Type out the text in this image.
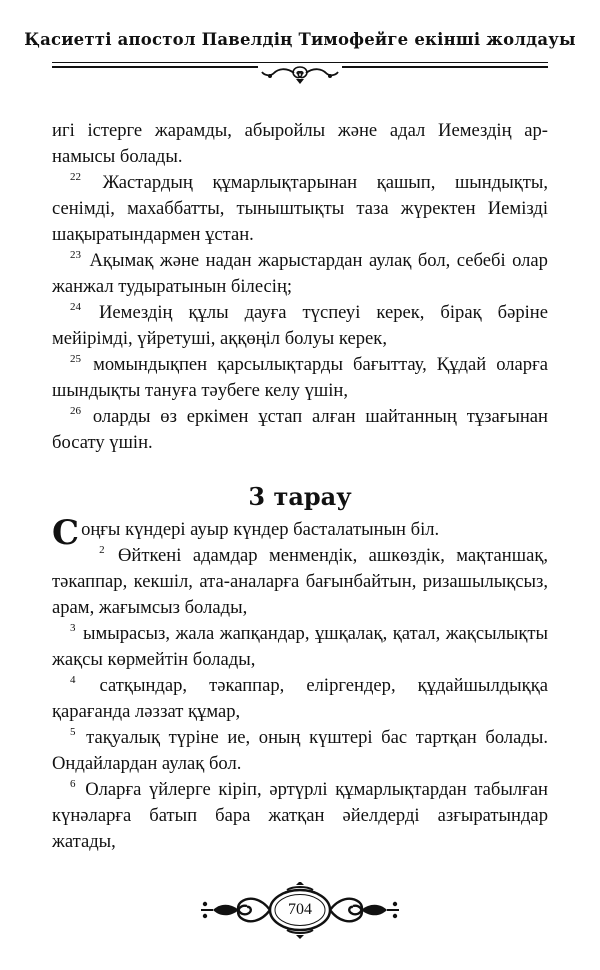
Қасиетті апостол Павелдің Тимофейге екінші жолдауы

игі істерге жарамды, абыройлы және адал Иемездің ар-намысы болады.

$^{22}$ Жастардың құмарлықтарынан қашып, шындықты, сенімді, махаббатты, тыныштықты таза жүректен Иемізді шақыратындармен ұстан.

$^{23}$ Ақымақ және надан жарыстардан аулақ бол, себебі олар жанжал тудыратынын білесің;

$^{24}$ Иемездің құлы дауға түспеуі керек, бірақ бәріне мейірімді, үйретуші, аққөңіл болуы керек,

$^{25}$ момындықпен қарсылықтарды бағыттау, Құдай оларға шындықты тануға тәубеге келу үшін,

$^{26}$ оларды өз еркімен ұстап алған шайтанның тұзағынан босату үшін.

3 тарау

Соңғы күндері ауыр күндер басталатынын біл.

$^2$ Өйткені адамдар менмендік, ашкөздік, мақтаншақ, тәкаппар, кекшіл, ата-аналарға бағынбайтын, ризашылықсыз, арам, жағымсыз болады,

$^3$ ымырасыз, жала жапқандар, ұшқалақ, қатал, жақсылықты жақсы көрмейтін болады,

$^4$ сатқындар, тәкаппар, еліргендер, құдайшылдыққа қарағанда ләззат құмар,

$^5$ тақуалық түріне ие, оның күштері бас тартқан болады. Ондайлардан аулақ бол.

$^6$ Оларға үйлерге кіріп, әртүрлі құмарлықтардан табылған күнәларға батып бара жатқан әйелдерді азғыратындар жатады,

704
